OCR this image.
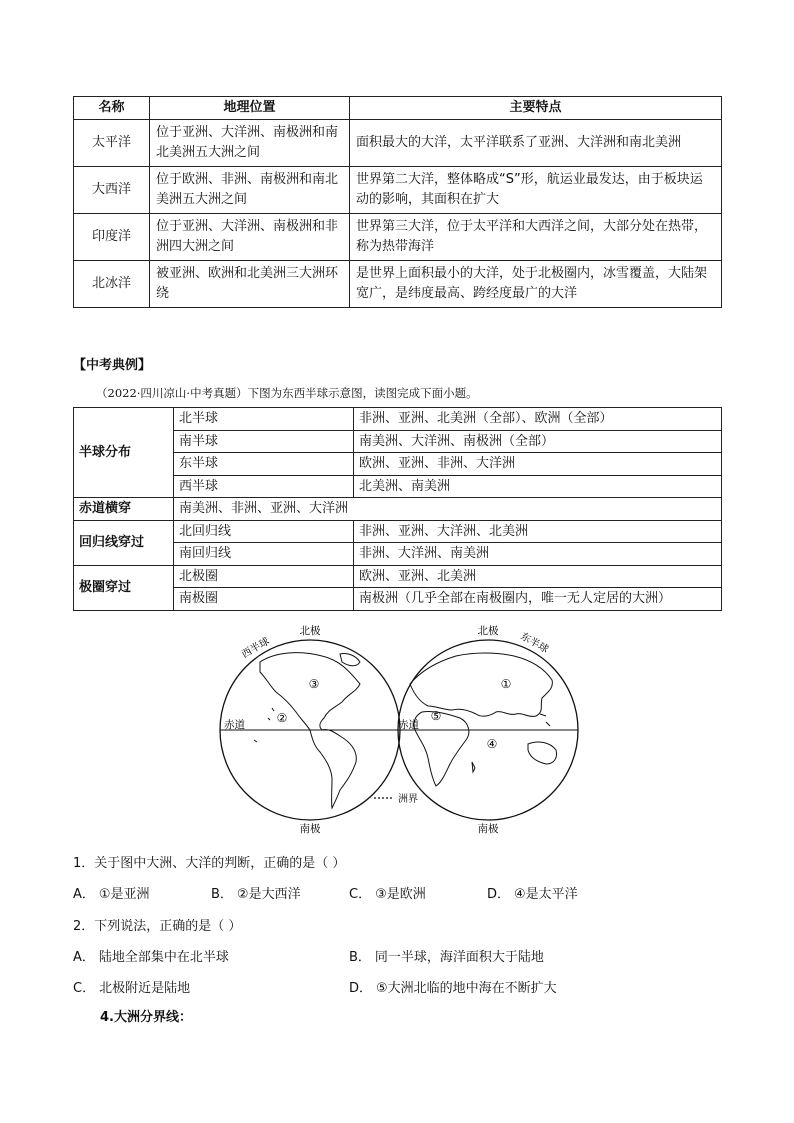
名称	地理位置	主要特点
太平洋	位于亚洲、大洋洲、南极洲和南北美洲五大洲之间	面积最大的大洋，太平洋联系了亚洲、大洋洲和南北美洲
大西洋	位于欧洲、非洲、南极洲和南北美洲五大洲之间	世界第二大洋，整体略成“S”形，航运业最发达，由于板块运动的影响，其面积在扩大
印度洋	位于亚洲、大洋洲、南极洲和非洲四大洲之间	世界第三大洋，位于太平洋和大西洋之间，大部分处在热带，称为热带海洋
北冰洋	被亚洲、欧洲和北美洲三大洲环绕	是世界上面积最小的大洋，处于北极圈内，冰雪覆盖，大陆架宽广，是纬度最高、跨经度最广的大洋
【中考典例】
（2022·四川凉山·中考真题）下图为东西半球示意图，读图完成下面小题。
半球分布	北半球	非洲、亚洲、北美洲（全部）、欧洲（全部）
	南半球	南美洲、大洋洲、南极洲（全部）
	东半球	欧洲、亚洲、非洲、大洋洲
	西半球	北美洲、南美洲
赤道横穿	南美洲、非洲、亚洲、大洋洲	
回归线穿过	北回归线	非洲、亚洲、大洋洲、北美洲
	南回归线	非洲、大洋洲、南美洲
极圈穿过	北极圈	欧洲、亚洲、北美洲
	南极圈	南极洲（几乎全部在南极圈内，唯一无人定居的大洲）
北极	北极
南极	南极
赤道	赤道
西半球	东半球
洲界
①
②
③
④
⑤
1．关于图中大洲、大洋的判断，正确的是（ ）
A． ①是亚洲	B． ②是大西洋	C． ③是欧洲	D． ④是太平洋
2．下列说法，正确的是（ ）
A． 陆地全部集中在北半球	B． 同一半球，海洋面积大于陆地
C． 北极附近是陆地	D． ⑤大洲北临的地中海在不断扩大
4.大洲分界线：
